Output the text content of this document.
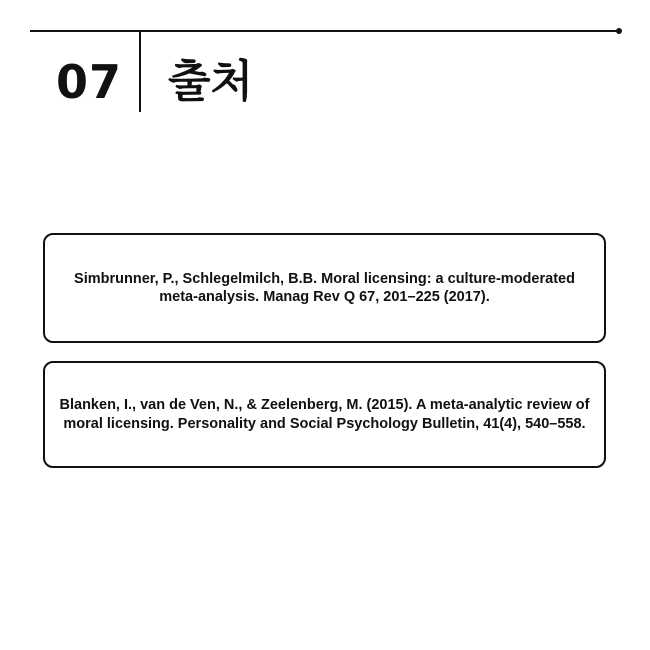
07 출처
Simbrunner, P., Schlegelmilch, B.B. Moral licensing: a culture-moderated meta-analysis. Manag Rev Q 67, 201–225 (2017).
Blanken, I., van de Ven, N., & Zeelenberg, M. (2015). A meta-analytic review of moral licensing. Personality and Social Psychology Bulletin, 41(4), 540–558.
